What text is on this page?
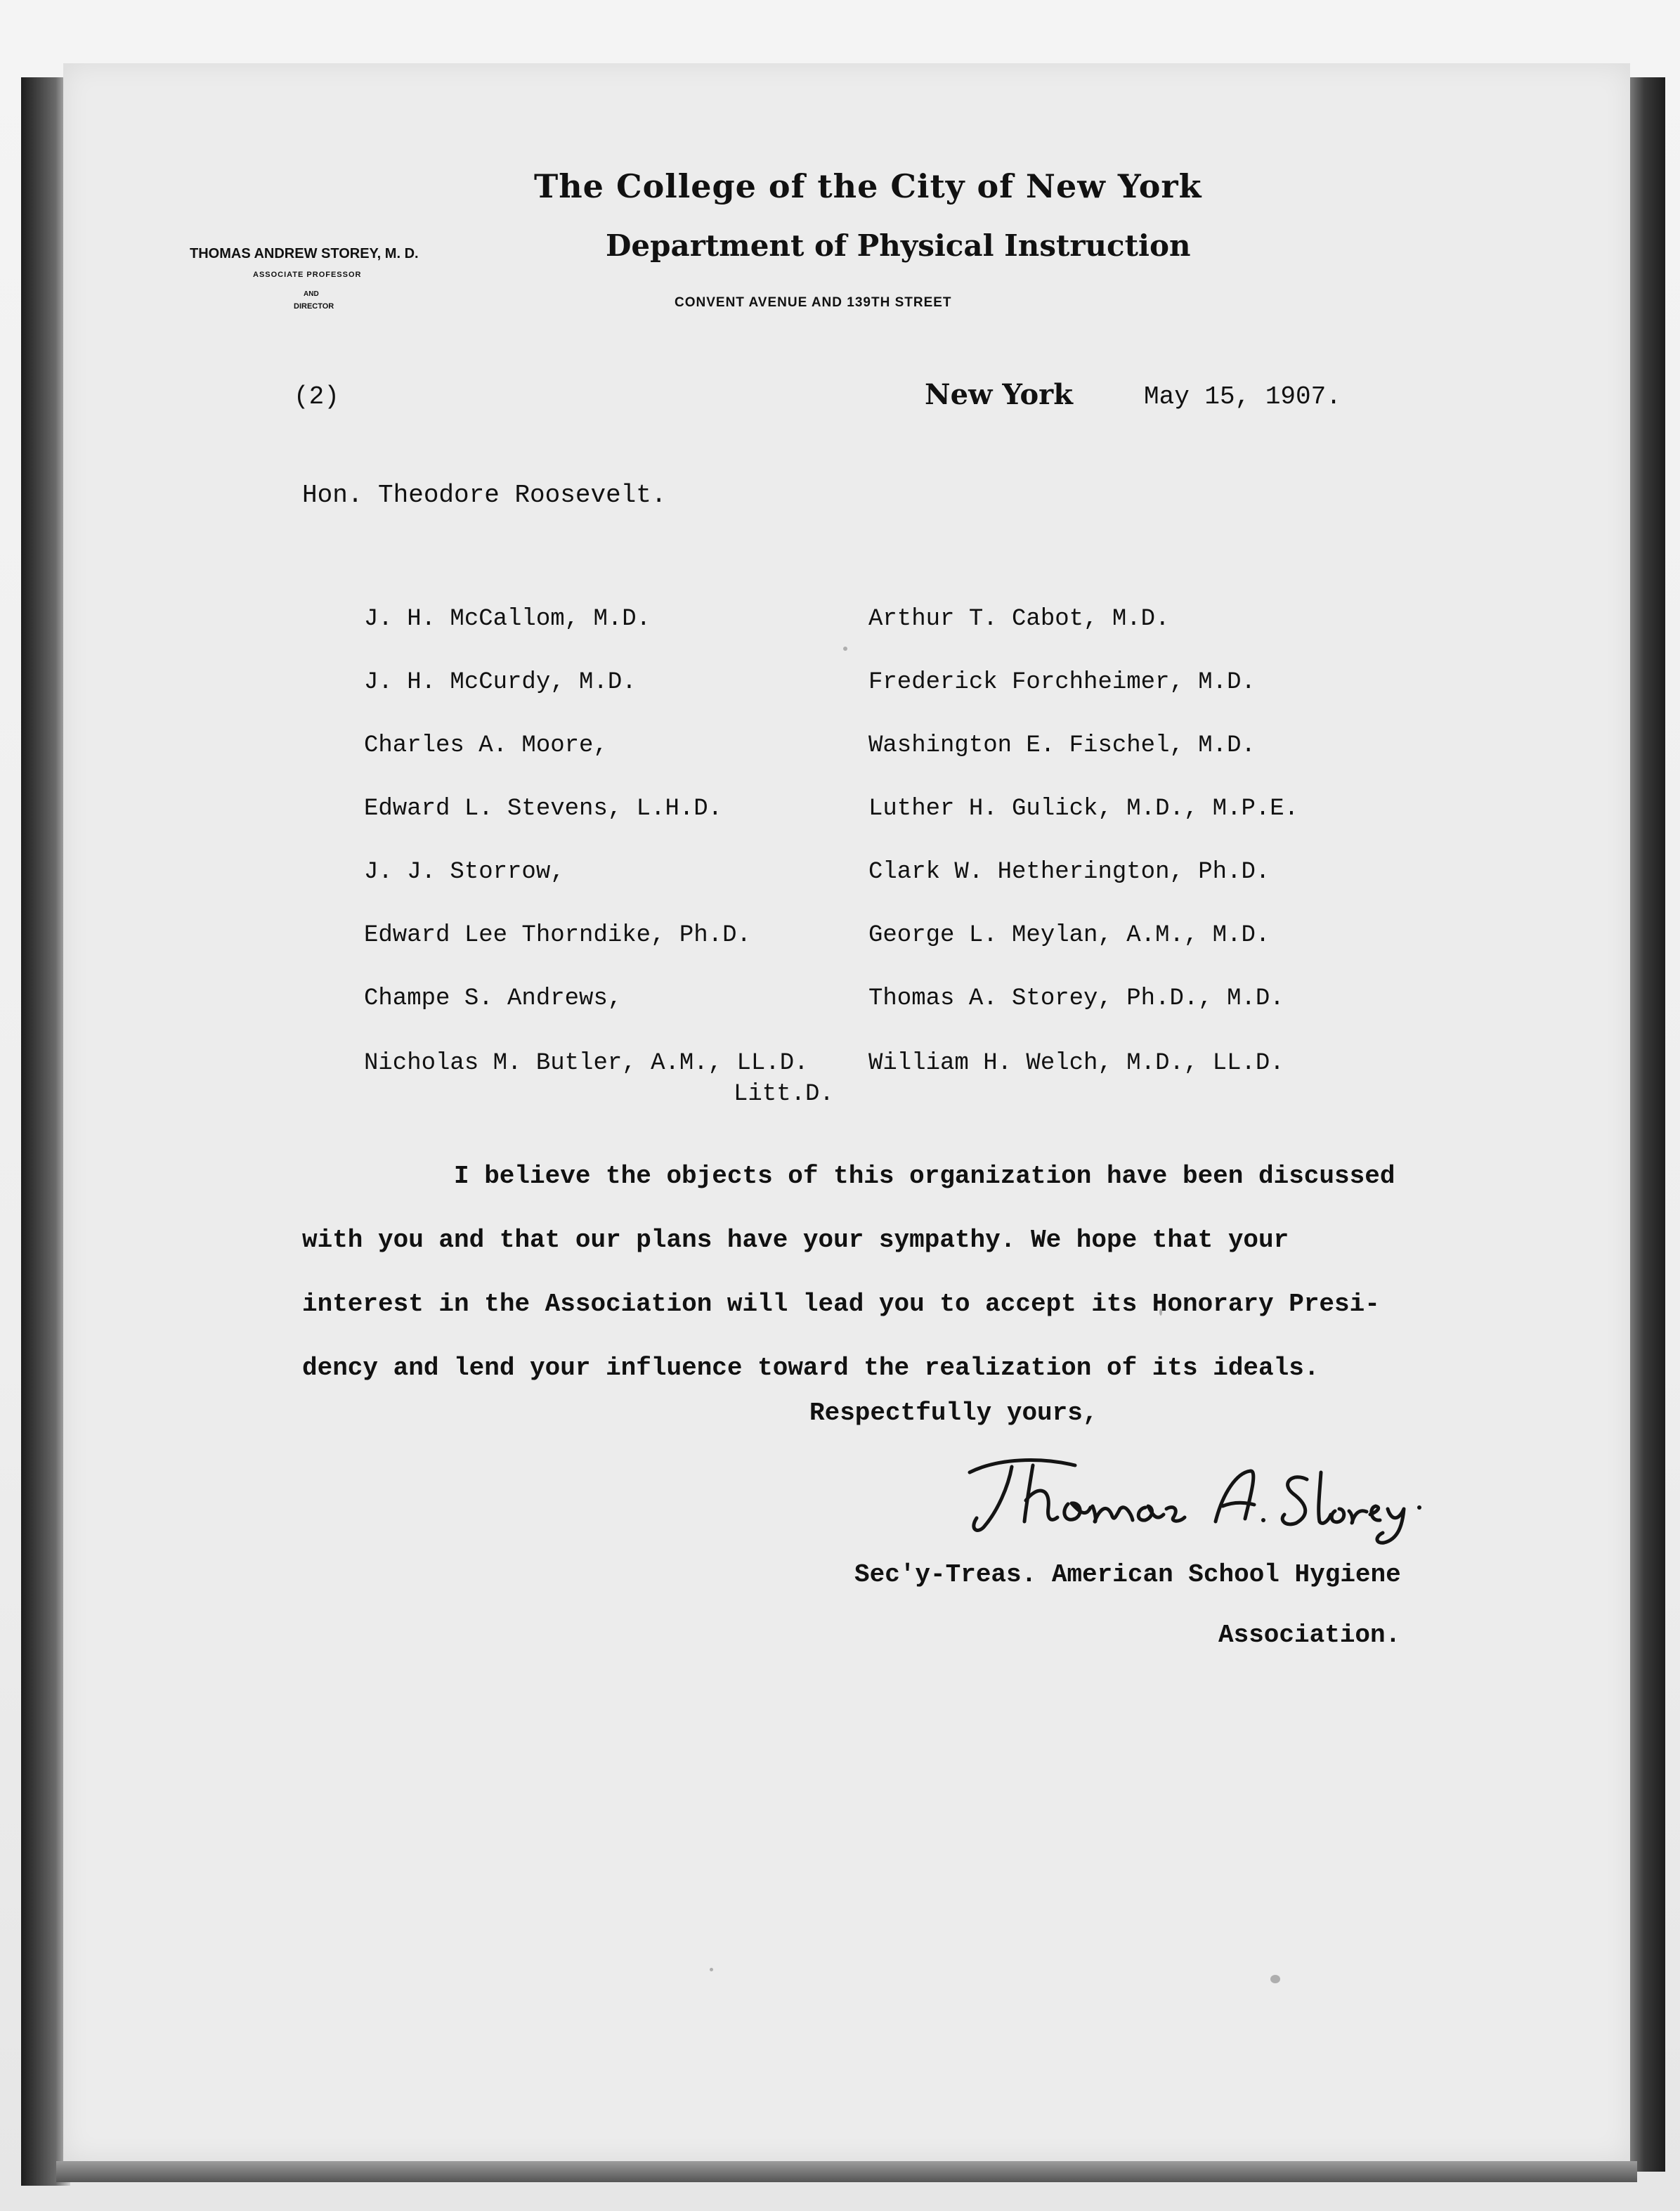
The College of the City of New York
Department of Physical Instruction
CONVENT AVENUE AND 139TH STREET
THOMAS ANDREW STOREY, M. D.
ASSOCIATE PROFESSOR
AND
DIRECTOR
(2)	New York	May 15, 1907.
Hon. Theodore Roosevelt.
J. H. McCallom, M.D.
J. H. McCurdy, M.D.
Charles A. Moore,
Edward L. Stevens, L.H.D.
J. J. Storrow,
Edward Lee Thorndike, Ph.D.
Champe S. Andrews,
Nicholas M. Butler, A.M., LL.D.
Arthur T. Cabot, M.D.
Frederick Forchheimer, M.D.
Washington E. Fischel, M.D.
Luther H. Gulick, M.D., M.P.E.
Clark W. Hetherington, Ph.D.
George L. Meylan, A.M., M.D.
Thomas A. Storey, Ph.D., M.D.
William H. Welch, M.D., LL.D.
Litt.D.
I believe the objects of this organization have been discussed
with you and that our plans have your sympathy. We hope that your
interest in the Association will lead you to accept its Honorary Presi-
dency and lend your influence toward the realization of its ideals.
Respectfully yours,
Sec'y-Treas. American School Hygiene
Association.
